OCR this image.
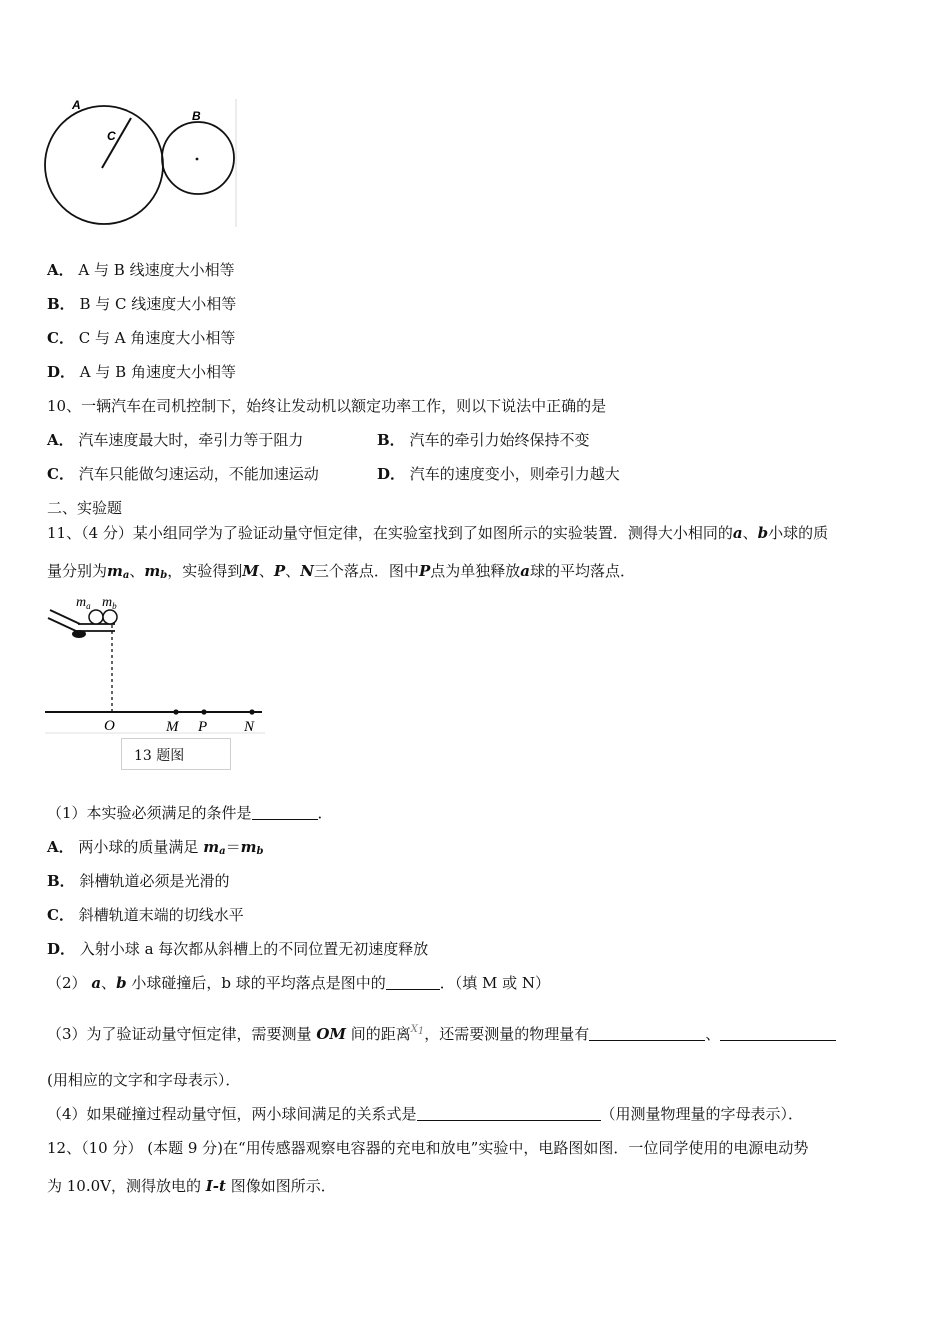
A
C
B
A． A 与 B 线速度大小相等
B． B 与 C 线速度大小相等
C． C 与 A 角速度大小相等
D． A 与 B 角速度大小相等
10、一辆汽车在司机控制下，始终让发动机以额定功率工作，则以下说法中正确的是
A． 汽车速度最大时，牵引力等于阻力	B． 汽车的牵引力始终保持不变
C． 汽车只能做匀速运动，不能加速运动	D． 汽车的速度变小，则牵引力越大
二、实验题
11、（4 分）某小组同学为了验证动量守恒定律，在实验室找到了如图所示的实验装置．测得大小相同的a、b小球的质
量分别为$m_a$、$m_b$，实验得到M、P、N三个落点．图中P点为单独释放a球的平均落点．
$m_a$ $m_b$
O	M P N
13 题图
（1）本实验必须满足的条件是	．
A． 两小球的质量满足 $m_a=m_b$
B． 斜槽轨道必须是光滑的
C． 斜槽轨道末端的切线水平
D． 入射小球 a 每次都从斜槽上的不同位置无初速度释放
（2） a、b 小球碰撞后，b 球的平均落点是图中的	．（填 M 或 N）
（3）为了验证动量守恒定律，需要测量 OM 间的距离$^{X_1}$，还需要测量的物理量有	、
(用相应的文字和字母表示）．
（4）如果碰撞过程动量守恒，两小球间满足的关系式是	（用测量物理量的字母表示）．
12、（10 分） (本题 9 分)在“用传感器观察电容器的充电和放电”实验中，电路图如图．一位同学使用的电源电动势
为 10.0V，测得放电的 I-t 图像如图所示．
